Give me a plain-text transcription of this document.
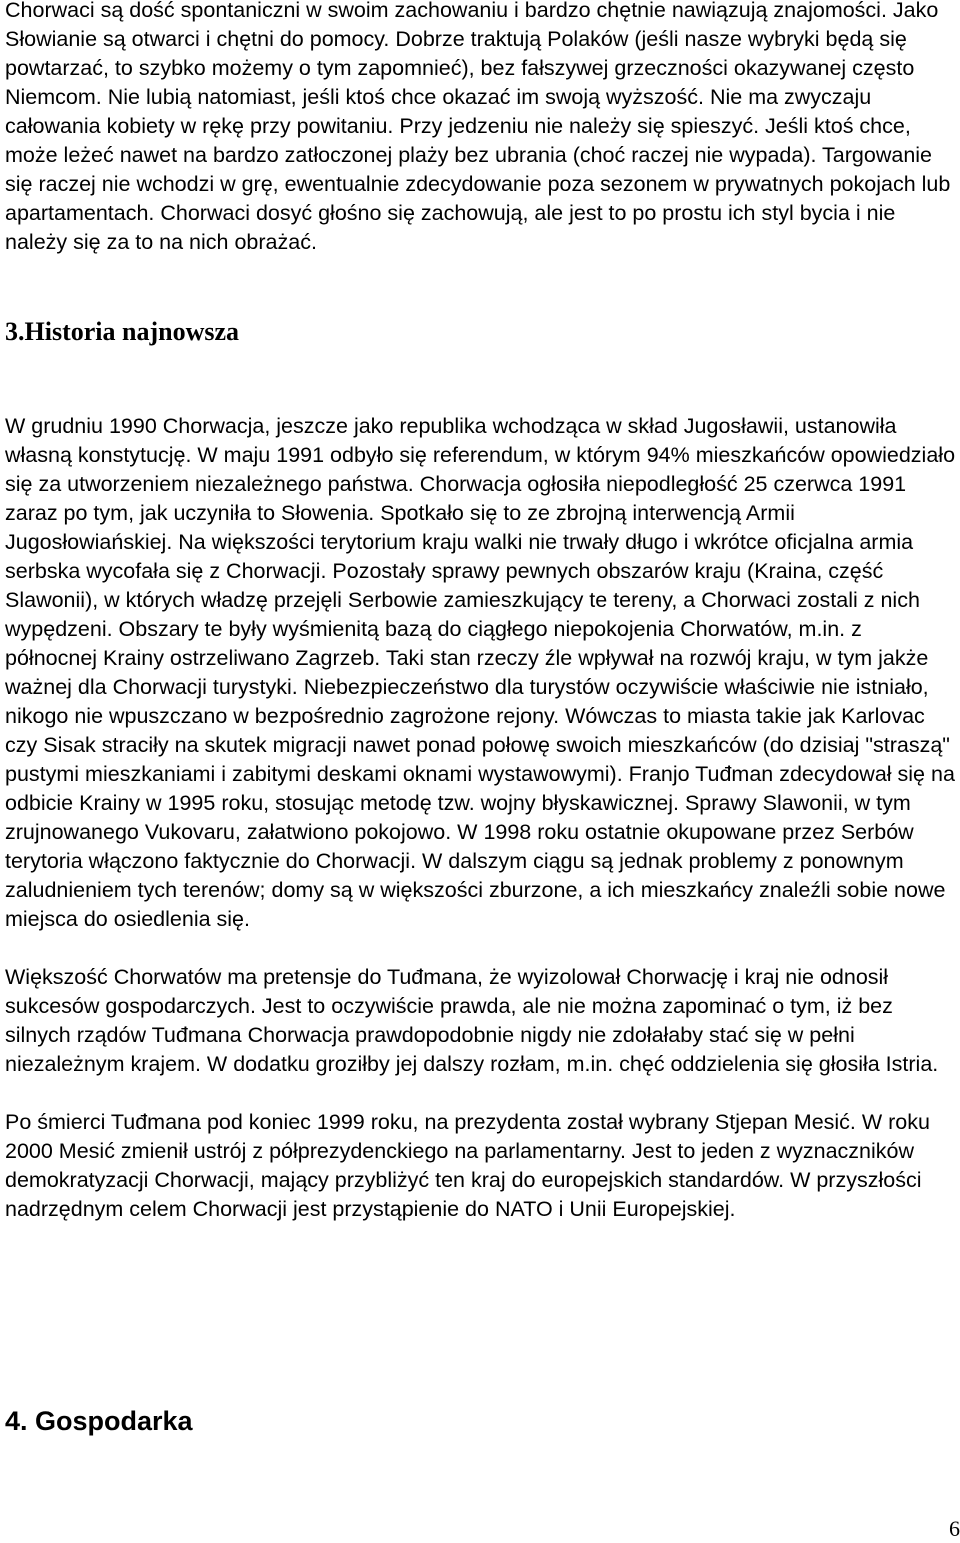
Chorwaci są dość spontaniczni w swoim zachowaniu i bardzo chętnie nawiązują znajomości. Jako Słowianie są otwarci i chętni do pomocy. Dobrze traktują Polaków (jeśli nasze wybryki będą się powtarzać, to szybko możemy o tym zapomnieć), bez fałszywej grzeczności okazywanej często Niemcom. Nie lubią natomiast, jeśli ktoś chce okazać im swoją wyższość. Nie ma zwyczaju całowania kobiety w rękę przy powitaniu. Przy jedzeniu nie należy się spieszyć. Jeśli ktoś chce, może leżeć nawet na bardzo zatłoczonej plaży bez ubrania (choć raczej nie wypada). Targowanie się raczej nie wchodzi w grę, ewentualnie zdecydowanie poza sezonem w prywatnych pokojach lub apartamentach. Chorwaci dosyć głośno się zachowują, ale jest to po prostu ich styl bycia i nie należy się za to na nich obrażać.

3.Historia najnowsza

W grudniu 1990 Chorwacja, jeszcze jako republika wchodząca w skład Jugosławii, ustanowiła własną konstytucję. W maju 1991 odbyło się referendum, w którym 94% mieszkańców opowiedziało się za utworzeniem niezależnego państwa. Chorwacja ogłosiła niepodległość 25 czerwca 1991 zaraz po tym, jak uczyniła to Słowenia. Spotkało się to ze zbrojną interwencją Armii Jugosłowiańskiej. Na większości terytorium kraju walki nie trwały długo i wkrótce oficjalna armia serbska wycofała się z Chorwacji. Pozostały sprawy pewnych obszarów kraju (Kraina, część Slawonii), w których władzę przejęli Serbowie zamieszkujący te tereny, a Chorwaci zostali z nich wypędzeni. Obszary te były wyśmienitą bazą do ciągłego niepokojenia Chorwatów, m.in. z północnej Krainy ostrzeliwano Zagrzeb. Taki stan rzeczy źle wpływał na rozwój kraju, w tym jakże ważnej dla Chorwacji turystyki. Niebezpieczeństwo dla turystów oczywiście właściwie nie istniało, nikogo nie wpuszczano w bezpośrednio zagrożone rejony. Wówczas to miasta takie jak Karlovac czy Sisak straciły na skutek migracji nawet ponad połowę swoich mieszkańców (do dzisiaj "straszą" pustymi mieszkaniami i zabitymi deskami oknami wystawowymi). Franjo Tuđman zdecydował się na odbicie Krainy w 1995 roku, stosując metodę tzw. wojny błyskawicznej. Sprawy Slawonii, w tym zrujnowanego Vukovaru, załatwiono pokojowo. W 1998 roku ostatnie okupowane przez Serbów terytoria włączono faktycznie do Chorwacji. W dalszym ciągu są jednak problemy z ponownym zaludnieniem tych terenów; domy są w większości zburzone, a ich mieszkańcy znaleźli sobie nowe miejsca do osiedlenia się.

Większość Chorwatów ma pretensje do Tuđmana, że wyizolował Chorwację i kraj nie odnosił sukcesów gospodarczych. Jest to oczywiście prawda, ale nie można zapominać o tym, iż bez silnych rządów Tuđmana Chorwacja prawdopodobnie nigdy nie zdołałaby stać się w pełni niezależnym krajem. W dodatku groziłby jej dalszy rozłam, m.in. chęć oddzielenia się głosiła Istria.

Po śmierci Tuđmana pod koniec 1999 roku, na prezydenta został wybrany Stjepan Mesić. W roku 2000 Mesić zmienił ustrój z półprezydenckiego na parlamentarny. Jest to jeden z wyznaczników demokratyzacji Chorwacji, mający przybliżyć ten kraj do europejskich standardów. W przyszłości nadrzędnym celem Chorwacji jest przystąpienie do NATO i Unii Europejskiej.

4. Gospodarka
6
